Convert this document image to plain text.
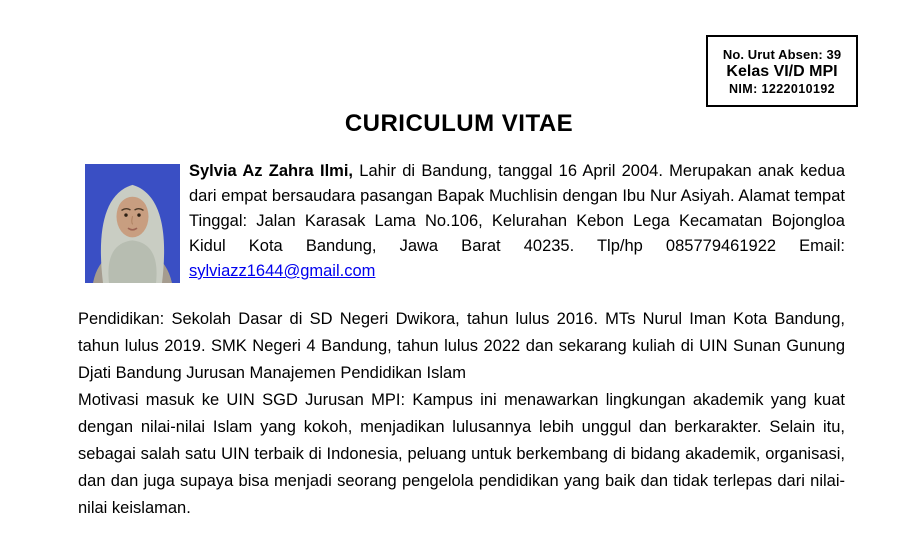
No. Urut Absen: 39
Kelas VI/D MPI
NIM: 1222010192
CURICULUM VITAE

Sylvia Az Zahra Ilmi, Lahir di Bandung, tanggal 16 April 2004. Merupakan anak kedua dari empat bersaudara pasangan Bapak Muchlisin dengan Ibu Nur Asiyah. Alamat tempat Tinggal: Jalan Karasak Lama No.106, Kelurahan Kebon Lega Kecamatan Bojongloa Kidul Kota Bandung, Jawa Barat 40235. Tlp/hp 085779461922 Email: sylviazz1644@gmail.com

Pendidikan: Sekolah Dasar di SD Negeri Dwikora, tahun lulus 2016. MTs Nurul Iman Kota Bandung, tahun lulus 2019. SMK Negeri 4 Bandung, tahun lulus 2022 dan sekarang kuliah di UIN Sunan Gunung Djati Bandung Jurusan Manajemen Pendidikan Islam

Motivasi masuk ke UIN SGD Jurusan MPI: Kampus ini menawarkan lingkungan akademik yang kuat dengan nilai-nilai Islam yang kokoh, menjadikan lulusannya lebih unggul dan berkarakter. Selain itu, sebagai salah satu UIN terbaik di Indonesia, peluang untuk berkembang di bidang akademik, organisasi, dan dan juga supaya bisa menjadi seorang pengelola pendidikan yang baik dan tidak terlepas dari nilai-nilai keislaman.
